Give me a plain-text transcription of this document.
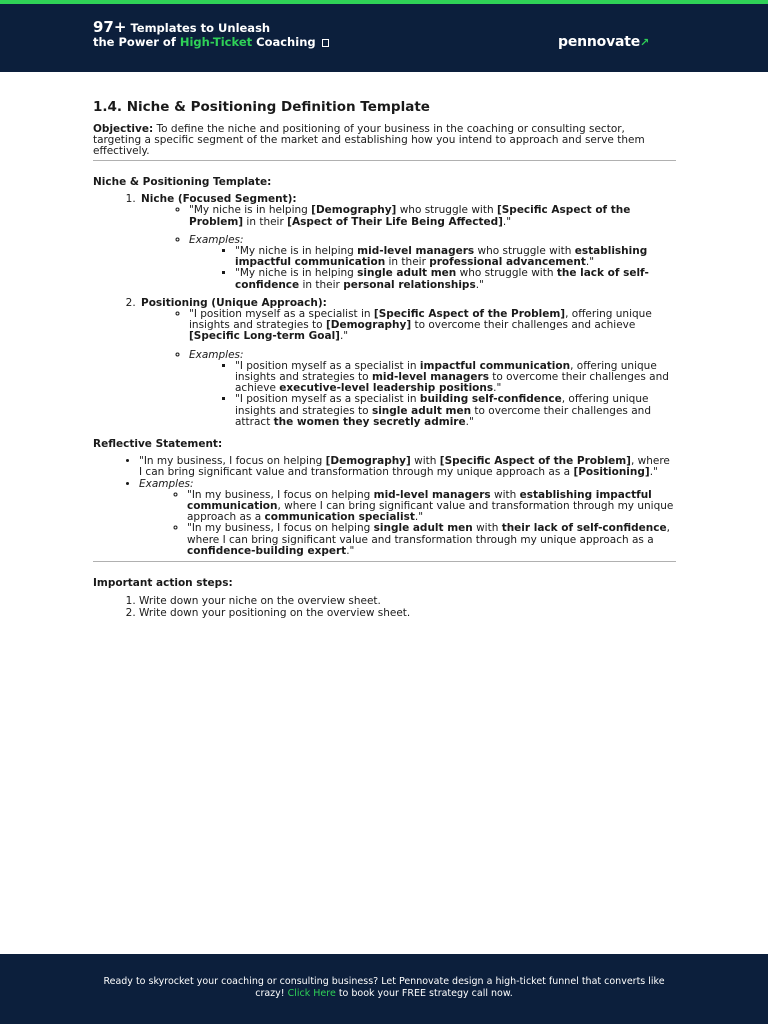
97+ Templates to Unleash
the Power of High-Ticket Coaching	pennovate↗
1.4. Niche & Positioning Definition Template

Objective: To define the niche and positioning of your business in the coaching or consulting sector, targeting a specific segment of the market and establishing how you intend to approach and serve them effectively.

Niche & Positioning Template:

1. Niche (Focused Segment):
◦ "My niche is in helping [Demography] who struggle with [Specific Aspect of the Problem] in their [Aspect of Their Life Being Affected]."
◦ Examples:
▪ "My niche is in helping mid-level managers who struggle with establishing impactful communication in their professional advancement."
▪ "My niche is in helping single adult men who struggle with the lack of self-confidence in their personal relationships."
2. Positioning (Unique Approach):
◦ "I position myself as a specialist in [Specific Aspect of the Problem], offering unique insights and strategies to [Demography] to overcome their challenges and achieve [Specific Long-term Goal]."
◦ Examples:
▪ "I position myself as a specialist in impactful communication, offering unique insights and strategies to mid-level managers to overcome their challenges and achieve executive-level leadership positions."
▪ "I position myself as a specialist in building self-confidence, offering unique insights and strategies to single adult men to overcome their challenges and attract the women they secretly admire."

Reflective Statement:

• "In my business, I focus on helping [Demography] with [Specific Aspect of the Problem], where I can bring significant value and transformation through my unique approach as a [Positioning]."
• Examples:
◦ "In my business, I focus on helping mid-level managers with establishing impactful communication, where I can bring significant value and transformation through my unique approach as a communication specialist."
◦ "In my business, I focus on helping single adult men with their lack of self-confidence, where I can bring significant value and transformation through my unique approach as a confidence-building expert."

Important action steps:

1. Write down your niche on the overview sheet.
2. Write down your positioning on the overview sheet.
Ready to skyrocket your coaching or consulting business? Let Pennovate design a high-ticket funnel that converts like crazy! Click Here to book your FREE strategy call now.
